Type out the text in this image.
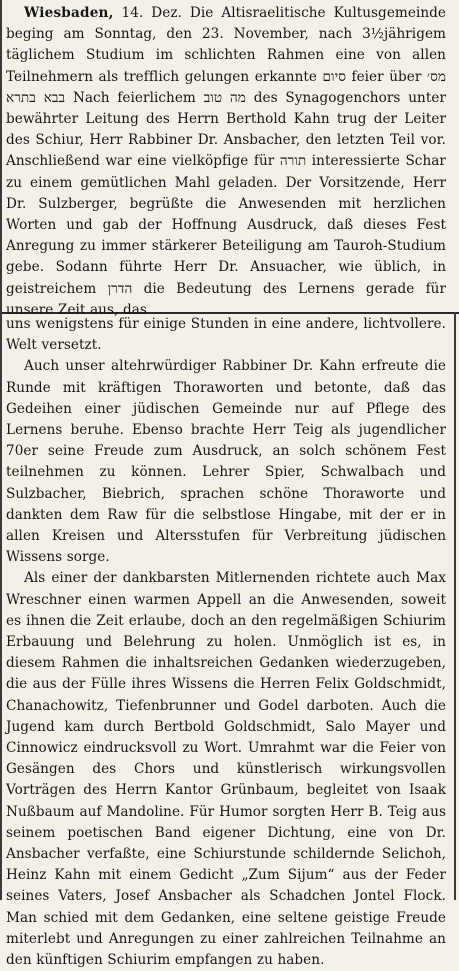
Wiesbaden, 14. Dez. Die Altisraelitische Kultusgemeinde beging am Sonntag, den 23. November, nach 3½jährigem täglichem Studium im schlichten Rahmen eine von allen Teilnehmern als trefflich gelungen erkannte סיום feier über מס׳ בבא בתרא Nach feierlichem מה טוב des Synagogenchors unter bewährter Leitung des Herrn Berthold Kahn trug der Leiter des Schiur, Herr Rabbiner Dr. Ansbacher, den letzten Teil vor. Anschließend war eine vielköpfige für תורה interessierte Schar zu einem gemütlichen Mahl geladen. Der Vorsitzende, Herr Dr. Sulzberger, begrüßte die Anwesenden mit herzlichen Worten und gab der Hoffnung Ausdruck, daß dieses Fest Anregung zu immer stärkerer Beteiligung am Tauroh-Studium gebe. Sodann führte Herr Dr. Ansuacher, wie üblich, in geistreichem הדרן die Bedeutung des Lernens gerade für unsere Zeit aus, das

uns wenigstens für einige Stunden in eine andere, lichtvollere. Welt versetzt.

Auch unser altehrwürdiger Rabbiner Dr. Kahn erfreute die Runde mit kräftigen Thoraworten und betonte, daß das Gedeihen einer jüdischen Gemeinde nur auf Pflege des Lernens beruhe. Ebenso brachte Herr Teig als jugendlicher 70er seine Freude zum Ausdruck, an solch schönem Fest teilnehmen zu können. Lehrer Spier, Schwalbach und Sulzbacher, Biebrich, sprachen schöne Thoraworte und dankten dem Raw für die selbstlose Hingabe, mit der er in allen Kreisen und Altersstufen für Verbreitung jüdischen Wissens sorge.

Als einer der dankbarsten Mitlernenden richtete auch Max Wreschner einen warmen Appell an die Anwesenden, soweit es ihnen die Zeit erlaube, doch an den regelmäßigen Schiurim Erbauung und Belehrung zu holen. Unmöglich ist es, in diesem Rahmen die inhaltsreichen Gedanken wiederzugeben, die aus der Fülle ihres Wissens die Herren Felix Goldschmidt, Chanachowitz, Tiefenbrunner und Godel darboten. Auch die Jugend kam durch Bertbold Goldschmidt, Salo Mayer und Cinnowicz eindrucksvoll zu Wort. Umrahmt war die Feier von Gesängen des Chors und künstlerisch wirkungsvollen Vorträgen des Herrn Kantor Grünbaum, begleitet von Isaak Nußbaum auf Mandoline. Für Humor sorgten Herr B. Teig aus seinem poetischen Band eigener Dichtung, eine von Dr. Ansbacher verfaßte, eine Schiurstunde schildernde Selichoh, Heinz Kahn mit einem Gedicht „Zum Sijum“ aus der Feder seines Vaters, Josef Ansbacher als Schadchen Jontel Flock. Man schied mit dem Gedanken, eine seltene geistige Freude miterlebt und Anregungen zu einer zahlreichen Teilnahme an den künftigen Schiurim empfangen zu haben.
